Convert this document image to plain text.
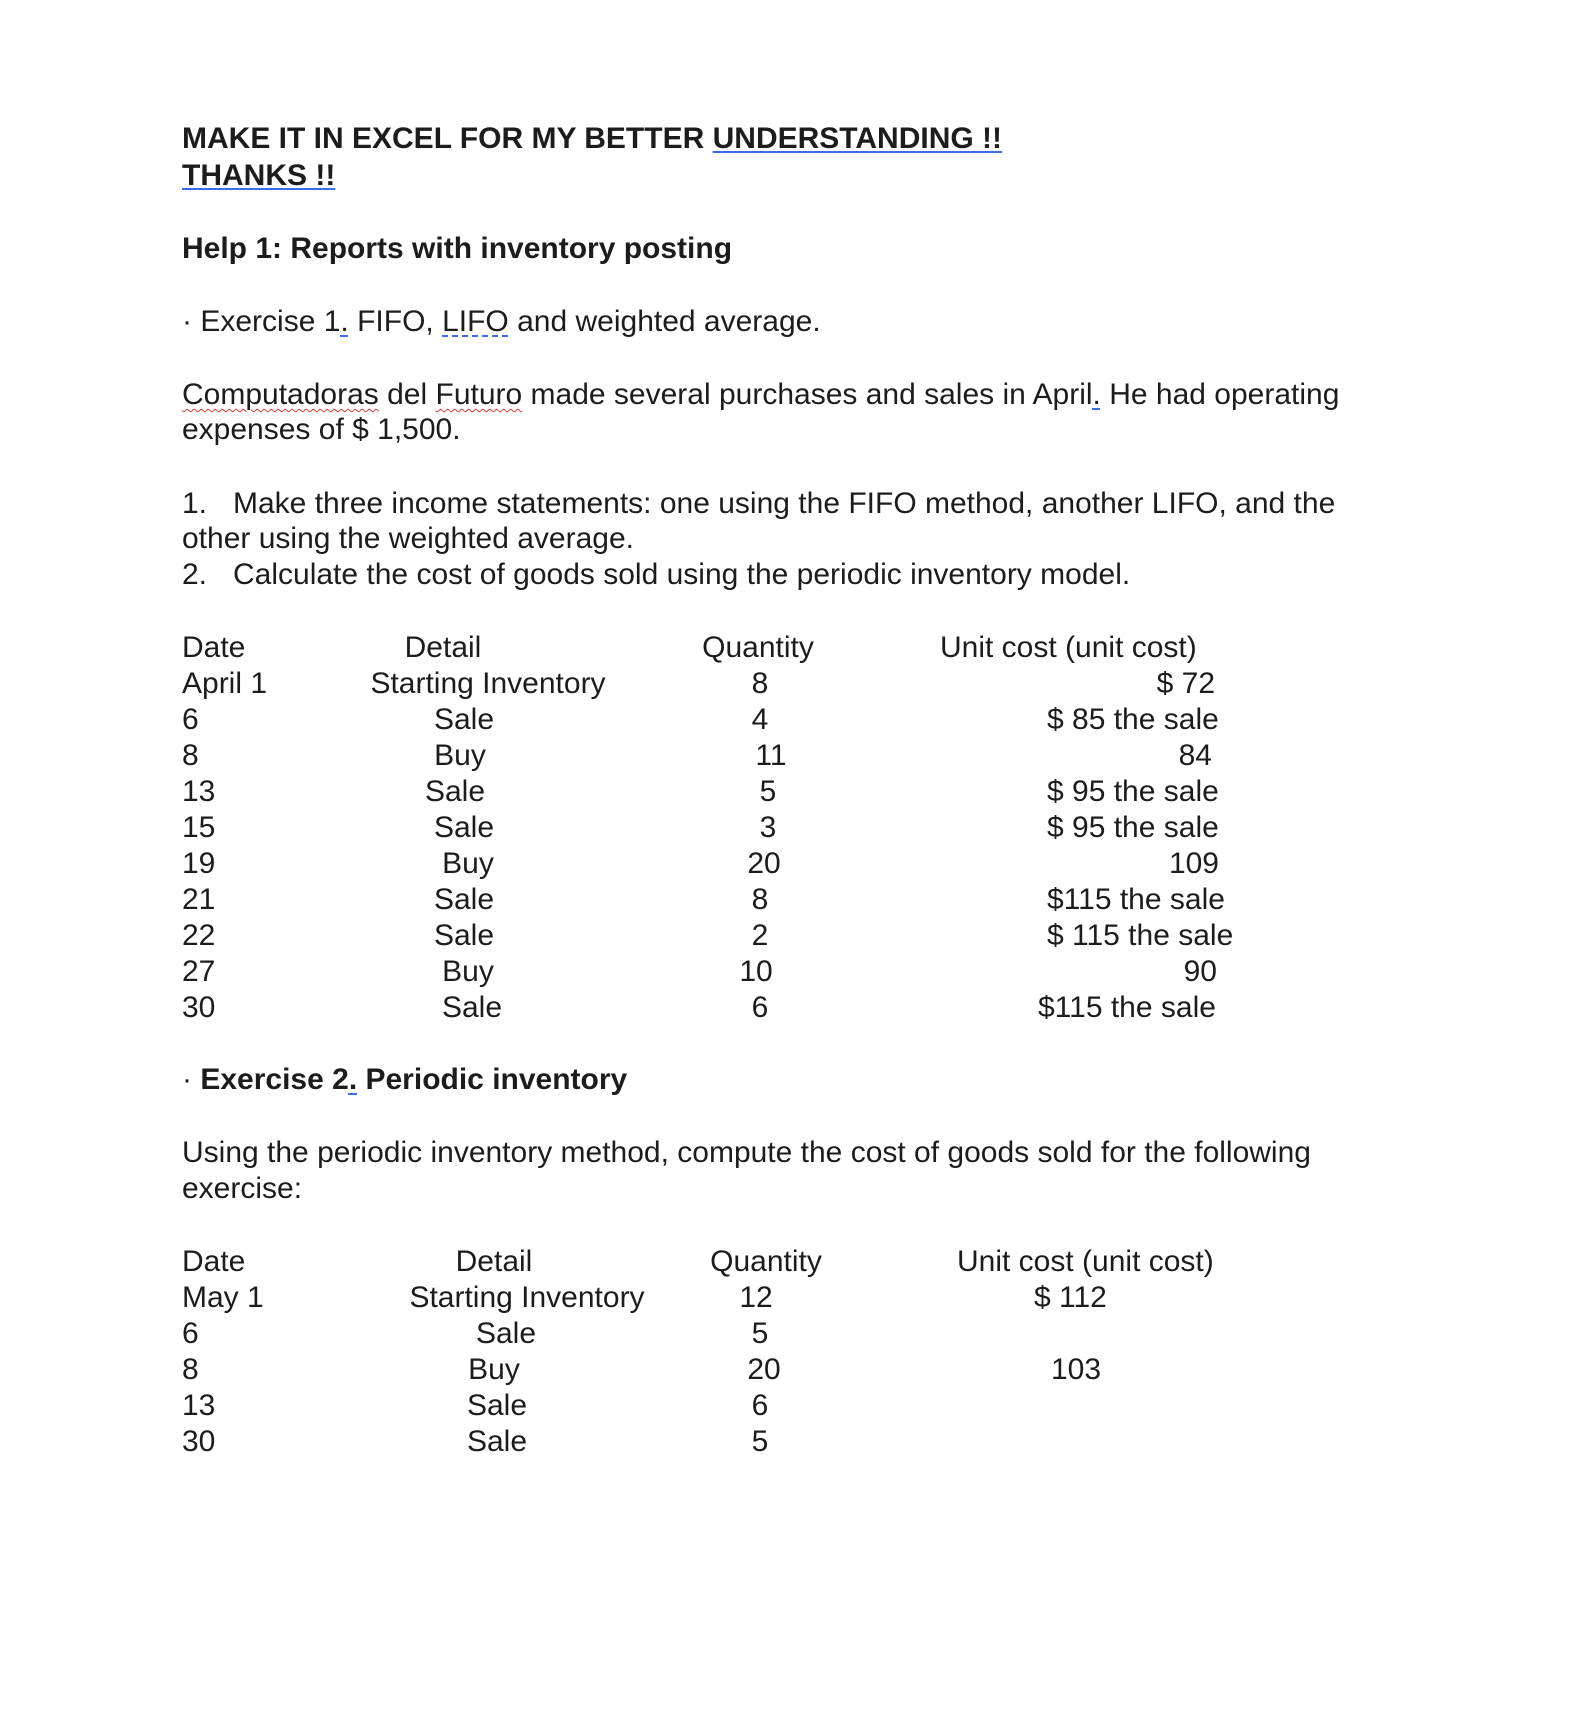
MAKE IT IN EXCEL FOR MY BETTER UNDERSTANDING !!
THANKS !!
Help 1: Reports with inventory posting
· Exercise 1. FIFO, LIFO and weighted average.
Computadoras del Futuro made several purchases and sales in April. He had operating
expenses of $ 1,500.
1. Make three income statements: one using the FIFO method, another LIFO, and the
other using the weighted average.
2. Calculate the cost of goods sold using the periodic inventory model.
Date	Detail	Quantity	Unit cost (unit cost)
April 1	Starting Inventory	8	$ 72
6	Sale	4	$ 85 the sale
8	Buy	11	84
13	Sale	5	$ 95 the sale
15	Sale	3	$ 95 the sale
19	Buy	20	109
21	Sale	8	$115 the sale
22	Sale	2	$ 115 the sale
27	Buy	10	90
30	Sale	6	$115 the sale
· Exercise 2. Periodic inventory
Using the periodic inventory method, compute the cost of goods sold for the following
exercise:
Date	Detail	Quantity	Unit cost (unit cost)
May 1	Starting Inventory	12	$ 112
6	Sale	5
8	Buy	20	103
13	Sale	6
30	Sale	5
